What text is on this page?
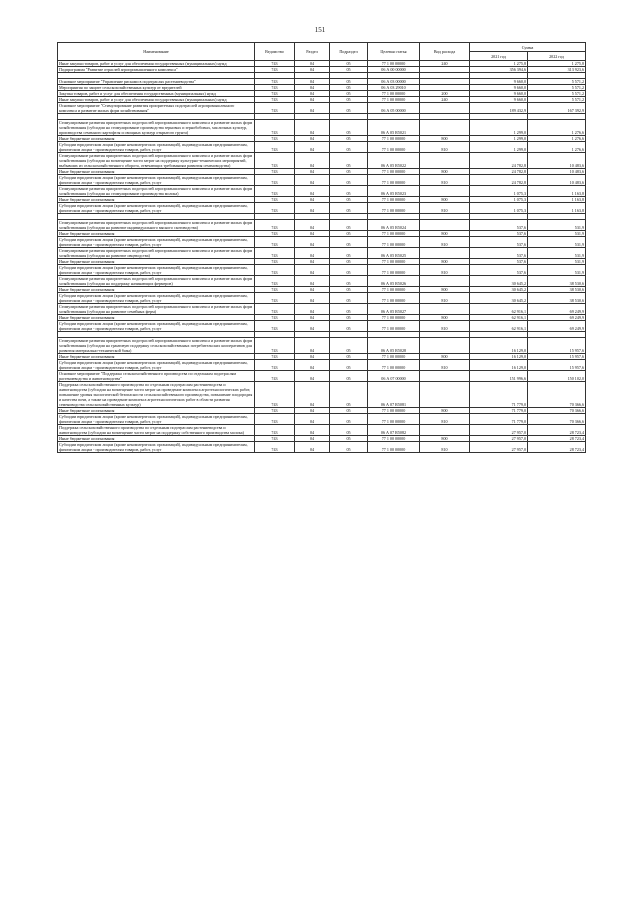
151
Наименование	Ведомство	Раздел	Подраздел	Целевая статья	Вид расхода	Сумма	
						2021 год	2022 год
Иные закупки товаров, работ и услуг для обеспечения государственных (муниципальных) нужд	743	04	05	77 1 00 00000	240	1 275,8	1 275,8
Подпрограмма "Развитие отраслей агропромышленного комплекса"	743	04	05	06 А 00 00000		356 394,6	313 923,6

Основное мероприятие "Управление рисками в подотраслях растениеводства"	743	04	05	06 А 03 00000		9 660,0	5 571,2
Мероприятия по защите сельскохозяйственных культур от вредителей	743	04	05	06 А 03 29010		9 660,0	5 571,2
Закупка товаров, работ и услуг для обеспечения государственных (муниципальных) нужд	743	04	05	77 1 00 00000	200	9 660,0	5 571,2
Иные закупки товаров, работ и услуг для обеспечения государственных (муниципальных) нужд	743	04	05	77 1 00 00000	240	9 660,0	5 571,2
Основное мероприятие "Стимулирование развития приоритетных подотраслей агропромышленного комплекса и развитие малых форм хозяйствования"	743	04	05	06 А 05 00000		189 432,9	167 392,9

Стимулирование развития приоритетных подотраслей агропромышленного комплекса и развитие малых форм хозяйствования (субсидии на стимулирование производства зерновых и зернобобовых, масличных культур, производства семенного картофеля и овощных культур открытого грунта)	743	04	05	06 А 05 R5021		1 299,0	1 276,6
Иные бюджетные ассигнования	743	04	05	77 1 00 00000	800	1 299,0	1 276,6
Субсидии юридическим лицам (кроме некоммерческих организаций), индивидуальным предпринимателям, физическим лицам - производителям товаров, работ, услуг	743	04	05	77 1 00 00000	810	1 299,0	1 276,6
Стимулирование развития приоритетных подотраслей агропромышленного комплекса и развитие малых форм хозяйствования (субсидии на возмещение части затрат на поддержку культурно-технических мероприятий, выбывших из сельскохозяйственного оборота, отвечающих требованиям развития семеноводства)	743	04	05	06 А 05 R5022		24 782,8	10 483,6
Иные бюджетные ассигнования	743	04	05	77 1 00 00000	800	24 782,8	10 483,6
Субсидии юридическим лицам (кроме некоммерческих организаций), индивидуальным предпринимателям, физическим лицам - производителям товаров, работ, услуг	743	04	05	77 1 00 00000	810	24 782,8	10 483,6
Стимулирование развития приоритетных подотраслей агропромышленного комплекса и развитие малых форм хозяйствования (субсидии на стимулирование производства молока)	743	04	05	06 А 05 R5023		1 075,3	1 163,8
Иные бюджетные ассигнования	743	04	05	77 1 00 00000	800	1 075,3	1 163,8
Субсидии юридическим лицам (кроме некоммерческих организаций), индивидуальным предпринимателям, физическим лицам - производителям товаров, работ, услуг	743	04	05	77 1 00 00000	810	1 075,3	1 163,8

Стимулирование развития приоритетных подотраслей агропромышленного комплекса и развитие малых форм хозяйствования (субсидии на развитие индивидуального мясного скотоводства)	743	04	05	06 А 05 R5024		537,6	531,9
Иные бюджетные ассигнования	743	04	05	77 1 00 00000	800	537,6	531,9
Субсидии юридическим лицам (кроме некоммерческих организаций), индивидуальным предпринимателям, физическим лицам - производителям товаров, работ, услуг	743	04	05	77 1 00 00000	810	537,6	531,9
Стимулирование развития приоритетных подотраслей агропромышленного комплекса и развитие малых форм хозяйствования (субсидии на развитие овцеводства)	743	04	05	06 А 05 R5025		537,6	531,9
Иные бюджетные ассигнования	743	04	05	77 1 00 00000	800	537,6	531,9
Субсидии юридическим лицам (кроме некоммерческих организаций), индивидуальным предпринимателям, физическим лицам - производителям товаров, работ, услуг	743	04	05	77 1 00 00000	810	537,6	531,9
Стимулирование развития приоритетных подотраслей агропромышленного комплекса и развитие малых форм хозяйствования (субсидии на поддержку начинающих фермеров)	743	04	05	06 А 05 R5026		30 645,2	38 530,6
Иные бюджетные ассигнования	743	04	05	77 1 00 00000	800	30 645,2	38 530,6
Субсидии юридическим лицам (кроме некоммерческих организаций), индивидуальным предпринимателям, физическим лицам - производителям товаров, работ, услуг	743	04	05	77 1 00 00000	810	30 645,2	38 530,6
Стимулирование развития приоритетных подотраслей агропромышленного комплекса и развитие малых форм хозяйствования (субсидии на развитие семейных ферм)	743	04	05	06 А 05 R5027		62 916,1	69 249,9
Иные бюджетные ассигнования	743	04	05	77 1 00 00000	800	62 916,1	69 249,9
Субсидии юридическим лицам (кроме некоммерческих организаций), индивидуальным предпринимателям, физическим лицам - производителям товаров, работ, услуг	743	04	05	77 1 00 00000	810	62 916,1	69 249,9

Стимулирование развития приоритетных подотраслей агропромышленного комплекса и развитие малых форм хозяйствования (субсидии на грантовую поддержку сельскохозяйственных потребительских кооперативов для развития материально-технической базы)	743	04	05	06 А 05 R5028		16 129,0	15 957,6
Иные бюджетные ассигнования	743	04	05	77 1 00 00000	800	16 129,0	15 957,6
Субсидии юридическим лицам (кроме некоммерческих организаций), индивидуальным предпринимателям, физическим лицам - производителям товаров, работ, услуг	743	04	05	77 1 00 00000	810	16 129,0	15 957,6
Основное мероприятие "Поддержка сельскохозяйственного производства по отдельным подотраслям растениеводства и животноводства"	743	04	05	06 А 07 00000		151 996,6	150 102,0
Поддержка сельскохозяйственного производства по отдельным подотраслям растениеводства и животноводства (субсидии на возмещение части затрат на проведение комплекса агротехнологических работ, повышение уровня экологической безопасности сельскохозяйственного производства, повышение плодородия и качества почв, а также на проведение комплекса агротехнологических работ в области развития семеноводства сельскохозяйственных культур)	743	04	05	06 А 07 R5081		71 779,0	70 366,6
Иные бюджетные ассигнования	743	04	05	77 1 00 00000	800	71 779,0	70 366,6
Субсидии юридическим лицам (кроме некоммерческих организаций), индивидуальным предпринимателям, физическим лицам - производителям товаров, работ, услуг	743	04	05	77 1 00 00000	810	71 779,0	70 366,6
Поддержка сельскохозяйственного производства по отдельным подотраслям растениеводства и животноводства (субсидии на возмещение части затрат на поддержку собственного производства молока)	743	04	05	06 А 07 R5082		27 957,0	28 723,4
Иные бюджетные ассигнования	743	04	05	77 1 00 00000	800	27 957,0	28 723,4
Субсидии юридическим лицам (кроме некоммерческих организаций), индивидуальным предпринимателям, физическим лицам - производителям товаров, работ, услуг	743	04	05	77 1 00 00000	810	27 957,0	28 723,4
